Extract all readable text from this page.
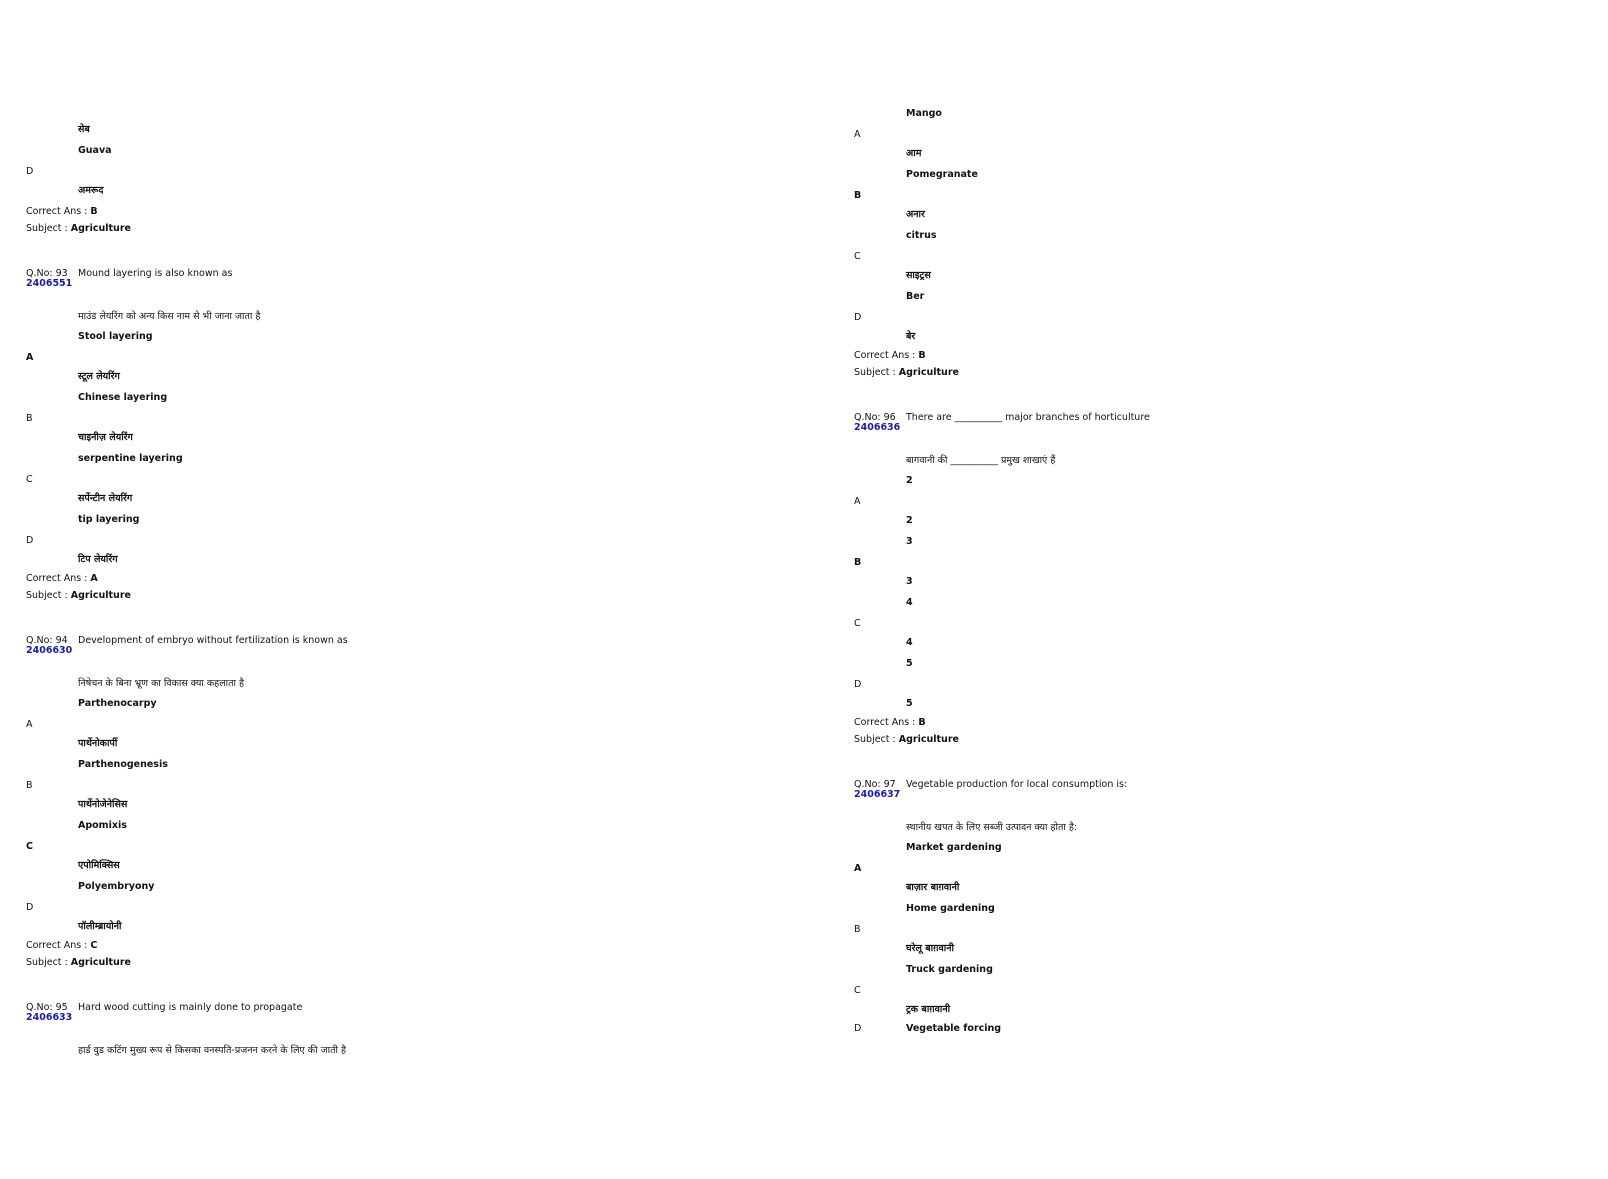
सेब
Guava
D
अमरूद
Correct Ans : B
Subject : Agriculture
Q.No: 93 Mound layering is also known as
2406551
माउंड लेयरिंग को अन्य किस नाम से भी जाना जाता है
Stool layering
A
स्टूल लेयरिंग
Chinese layering
B
चाइनीज़ लेयरिंग
serpentine layering
C
सर्पेन्टीन लेयरिंग
tip layering
D
टिप लेयरिंग
Correct Ans : A
Subject : Agriculture
Q.No: 94 Development of embryo without fertilization is known as
2406630
निषेचन के बिना भ्रूण का विकास क्या कहलाता है
Parthenocarpy
A
पार्थेनोकार्पी
Parthenogenesis
B
पार्थेनोजेनेसिस
Apomixis
C
एपोमिक्सिस
Polyembryony
D
पॉलीम्ब्रायोनी
Correct Ans : C
Subject : Agriculture
Q.No: 95 Hard wood cutting is mainly done to propagate
2406633
हार्ड वुड कटिंग मुख्य रूप से किसका वनस्पति-प्रजनन करने के लिए की जाती है
Mango
A
आम
Pomegranate
B
अनार
citrus
C
साइट्रस
Ber
D
बेर
Correct Ans : B
Subject : Agriculture
Q.No: 96 There are __________ major branches of horticulture
2406636
बागवानी की __________ प्रमुख शाखाएं हैं
2
A
2
3
B
3
4
C
4
5
D
5
Correct Ans : B
Subject : Agriculture
Q.No: 97 Vegetable production for local consumption is:
2406637
स्थानीय खपत के लिए सब्जी उत्पादन क्या होता है:
Market gardening
A
बाज़ार बाग़वानी
Home gardening
B
घरेलू बाग़वानी
Truck gardening
C
ट्रक बाग़वानी
D	Vegetable forcing
